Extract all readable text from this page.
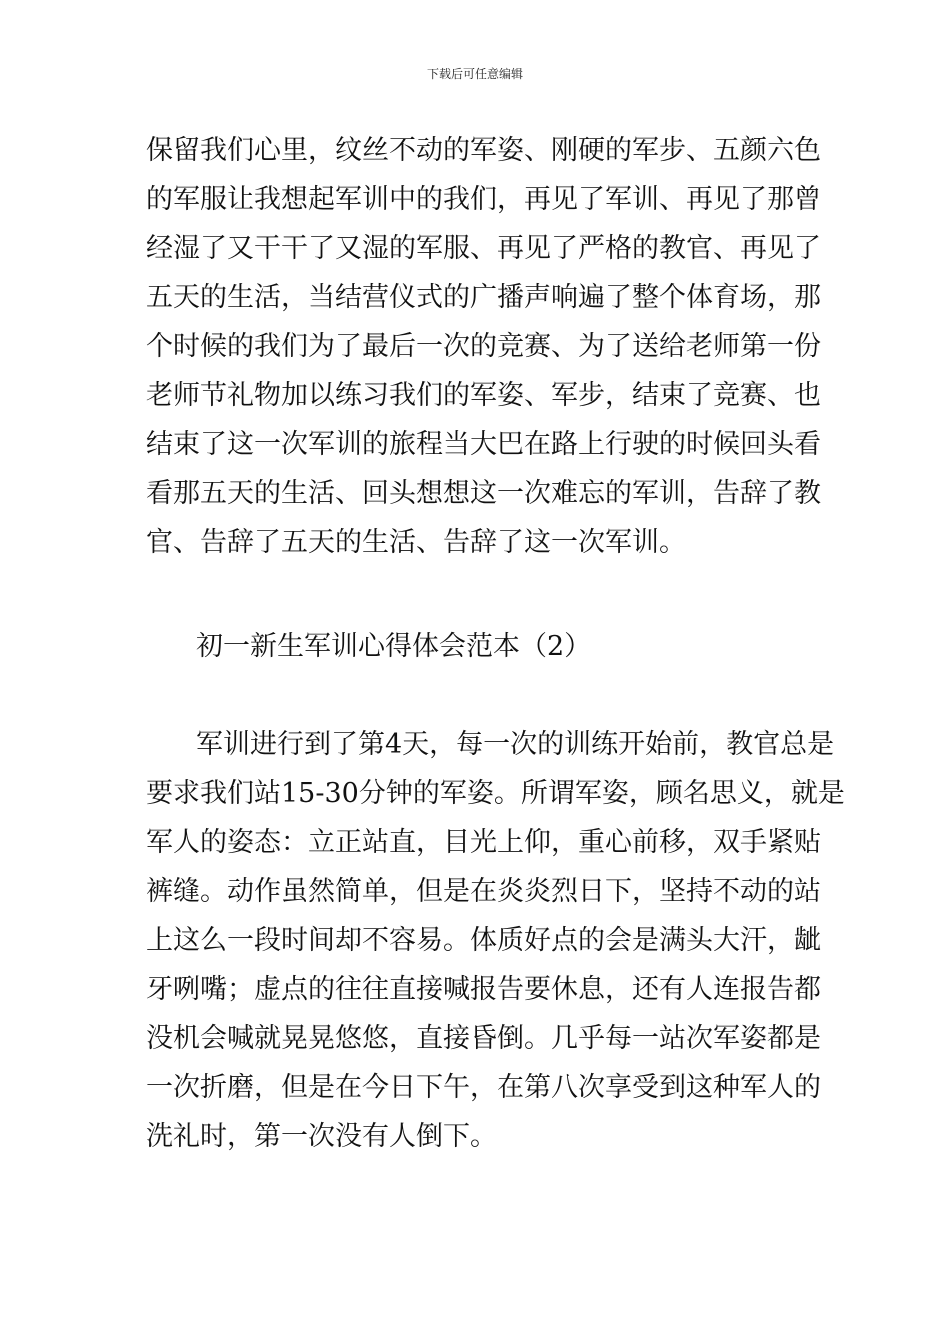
下载后可任意编辑
保留我们心里，纹丝不动的军姿、刚硬的军步、五颜六色
的军服让我想起军训中的我们，再见了军训、再见了那曾
经湿了又干干了又湿的军服、再见了严格的教官、再见了
五天的生活，当结营仪式的广播声响遍了整个体育场，那
个时候的我们为了最后一次的竞赛、为了送给老师第一份
老师节礼物加以练习我们的军姿、军步，结束了竞赛、也
结束了这一次军训的旅程当大巴在路上行驶的时候回头看
看那五天的生活、回头想想这一次难忘的军训，告辞了教
官、告辞了五天的生活、告辞了这一次军训。
初一新生军训心得体会范本（2）
军训进行到了第4天，每一次的训练开始前，教官总是
要求我们站15-30分钟的军姿。所谓军姿，顾名思义，就是
军人的姿态：立正站直，目光上仰，重心前移，双手紧贴
裤缝。动作虽然简单，但是在炎炎烈日下，坚持不动的站
上这么一段时间却不容易。体质好点的会是满头大汗，龇
牙咧嘴；虚点的往往直接喊报告要休息，还有人连报告都
没机会喊就晃晃悠悠，直接昏倒。几乎每一站次军姿都是
一次折磨，但是在今日下午，在第八次享受到这种军人的
洗礼时，第一次没有人倒下。
